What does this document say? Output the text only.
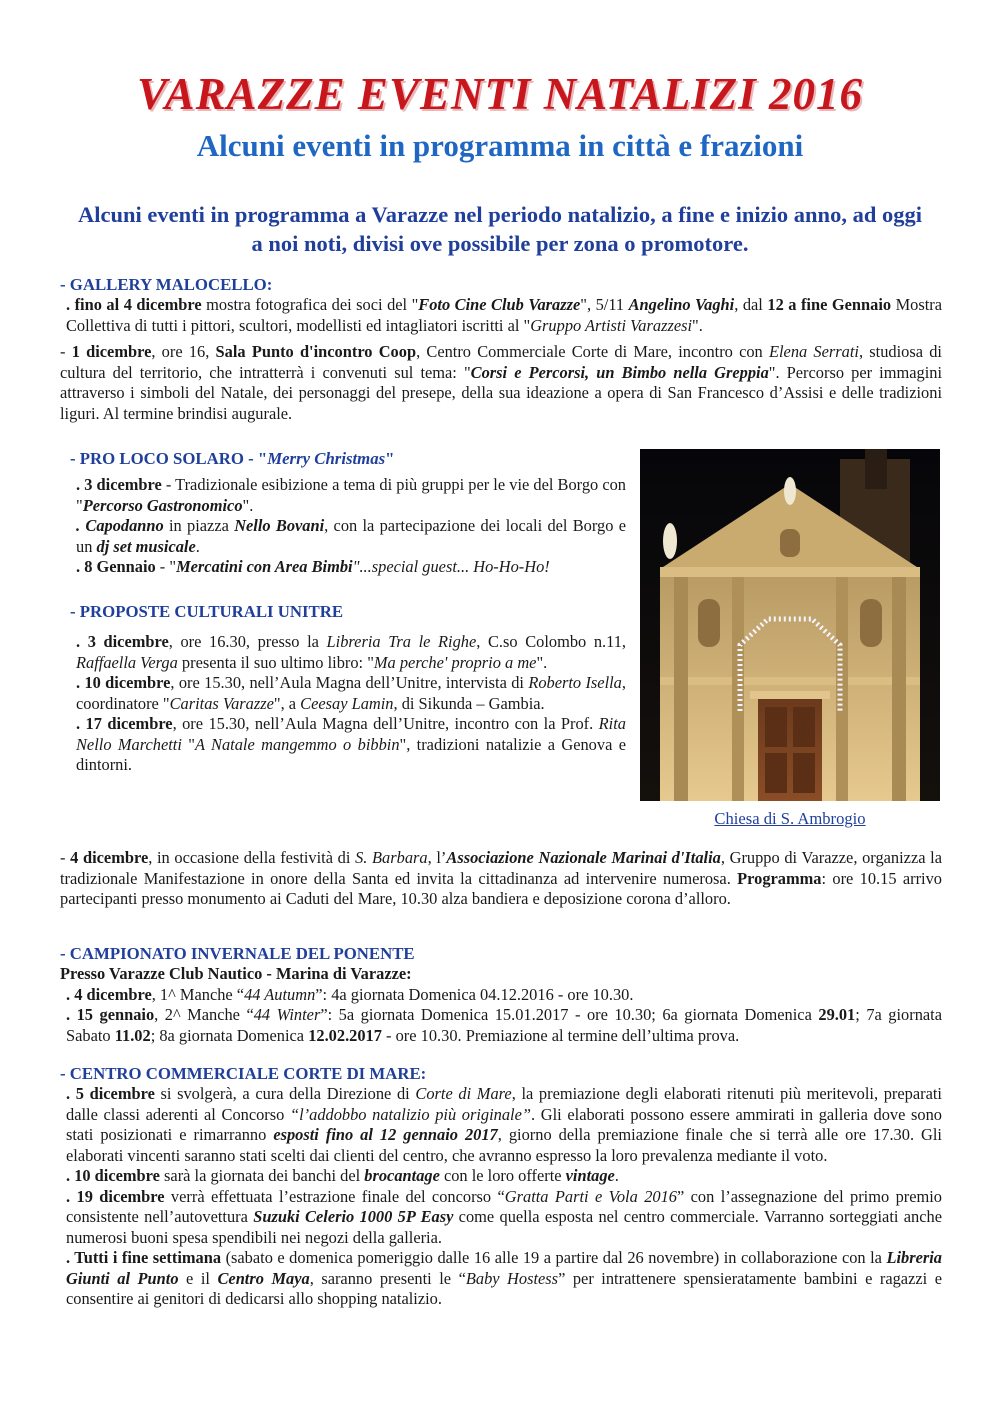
VARAZZE EVENTI NATALIZI 2016
Alcuni eventi in programma in città e frazioni
Alcuni eventi in programma a Varazze nel periodo natalizio, a fine e inizio anno, ad oggi a noi noti, divisi ove possibile per zona o promotore.

- GALLERY MALOCELLO:

. fino al 4 dicembre mostra fotografica dei soci del "Foto Cine Club Varazze", 5/11 Angelino Vaghi, dal 12 a fine Gennaio Mostra Collettiva di tutti i pittori, scultori, modellisti ed intagliatori iscritti al "Gruppo Artisti Varazzesi".

- 1 dicembre, ore 16, Sala Punto d'incontro Coop, Centro Commerciale Corte di Mare, incontro con Elena Serrati, studiosa di cultura del territorio, che intratterrà i convenuti sul tema: "Corsi e Percorsi, un Bimbo nella Greppia". Percorso per immagini attraverso i simboli del Natale, dei personaggi del presepe, della sua ideazione a opera di San Francesco d’Assisi e delle tradizioni liguri. Al termine brindisi augurale.

- PRO LOCO SOLARO - "Merry Christmas"

. 3 dicembre - Tradizionale esibizione a tema di più gruppi per le vie del Borgo con "Percorso Gastronomico".

. Capodanno in piazza Nello Bovani, con la partecipazione dei locali del Borgo e un dj set musicale.

. 8 Gennaio - "Mercatini con Area Bimbi"...special guest... Ho-Ho-Ho!

- PROPOSTE CULTURALI UNITRE

. 3 dicembre, ore 16.30, presso la Libreria Tra le Righe, C.so Colombo n.11, Raffaella Verga presenta il suo ultimo libro: "Ma perche' proprio a me".

. 10 dicembre, ore 15.30, nell’Aula Magna dell’Unitre, intervista di Roberto Isella, coordinatore "Caritas Varazze", a Ceesay Lamin, di Sikunda – Gambia.

. 17 dicembre, ore 15.30, nell’Aula Magna dell’Unitre, incontro con la Prof. Rita Nello Marchetti "A Natale mangemmo o bibbin", tradizioni natalizie a Genova e dintorni.

Chiesa di S. Ambrogio

- 4 dicembre, in occasione della festività di S. Barbara, l’Associazione Nazionale Marinai d'Italia, Gruppo di Varazze, organizza la tradizionale Manifestazione in onore della Santa ed invita la cittadinanza ad intervenire numerosa. Programma: ore 10.15 arrivo partecipanti presso monumento ai Caduti del Mare, 10.30 alza bandiera e deposizione corona d’alloro.

- CAMPIONATO INVERNALE DEL PONENTE

Presso Varazze Club Nautico - Marina di Varazze:

. 4 dicembre, 1^ Manche “44 Autumn”: 4a giornata Domenica 04.12.2016 - ore 10.30.

. 15 gennaio, 2^ Manche “44 Winter”: 5a giornata Domenica 15.01.2017 - ore 10.30; 6a giornata Domenica 29.01; 7a giornata Sabato 11.02; 8a giornata Domenica 12.02.2017 - ore 10.30. Premiazione al termine dell’ultima prova.

- CENTRO COMMERCIALE CORTE DI MARE:

. 5 dicembre si svolgerà, a cura della Direzione di Corte di Mare, la premiazione degli elaborati ritenuti più meritevoli, preparati dalle classi aderenti al Concorso “l’addobbo natalizio più originale”. Gli elaborati possono essere ammirati in galleria dove sono stati posizionati e rimarranno esposti fino al 12 gennaio 2017, giorno della premiazione finale che si terrà alle ore 17.30. Gli elaborati vincenti saranno stati scelti dai clienti del centro, che avranno espresso la loro prevalenza mediante il voto.

. 10 dicembre sarà la giornata dei banchi del brocantage con le loro offerte vintage.

. 19 dicembre verrà effettuata l’estrazione finale del concorso “Gratta Parti e Vola 2016” con l’assegnazione del primo premio consistente nell’autovettura Suzuki Celerio 1000 5P Easy come quella esposta nel centro commerciale. Varranno sorteggiati anche numerosi buoni spesa spendibili nei negozi della galleria.

. Tutti i fine settimana (sabato e domenica pomeriggio dalle 16 alle 19 a partire dal 26 novembre) in collaborazione con la Libreria Giunti al Punto e il Centro Maya, saranno presenti le “Baby Hostess” per intrattenere spensieratamente bambini e ragazzi e consentire ai genitori di dedicarsi allo shopping natalizio.
